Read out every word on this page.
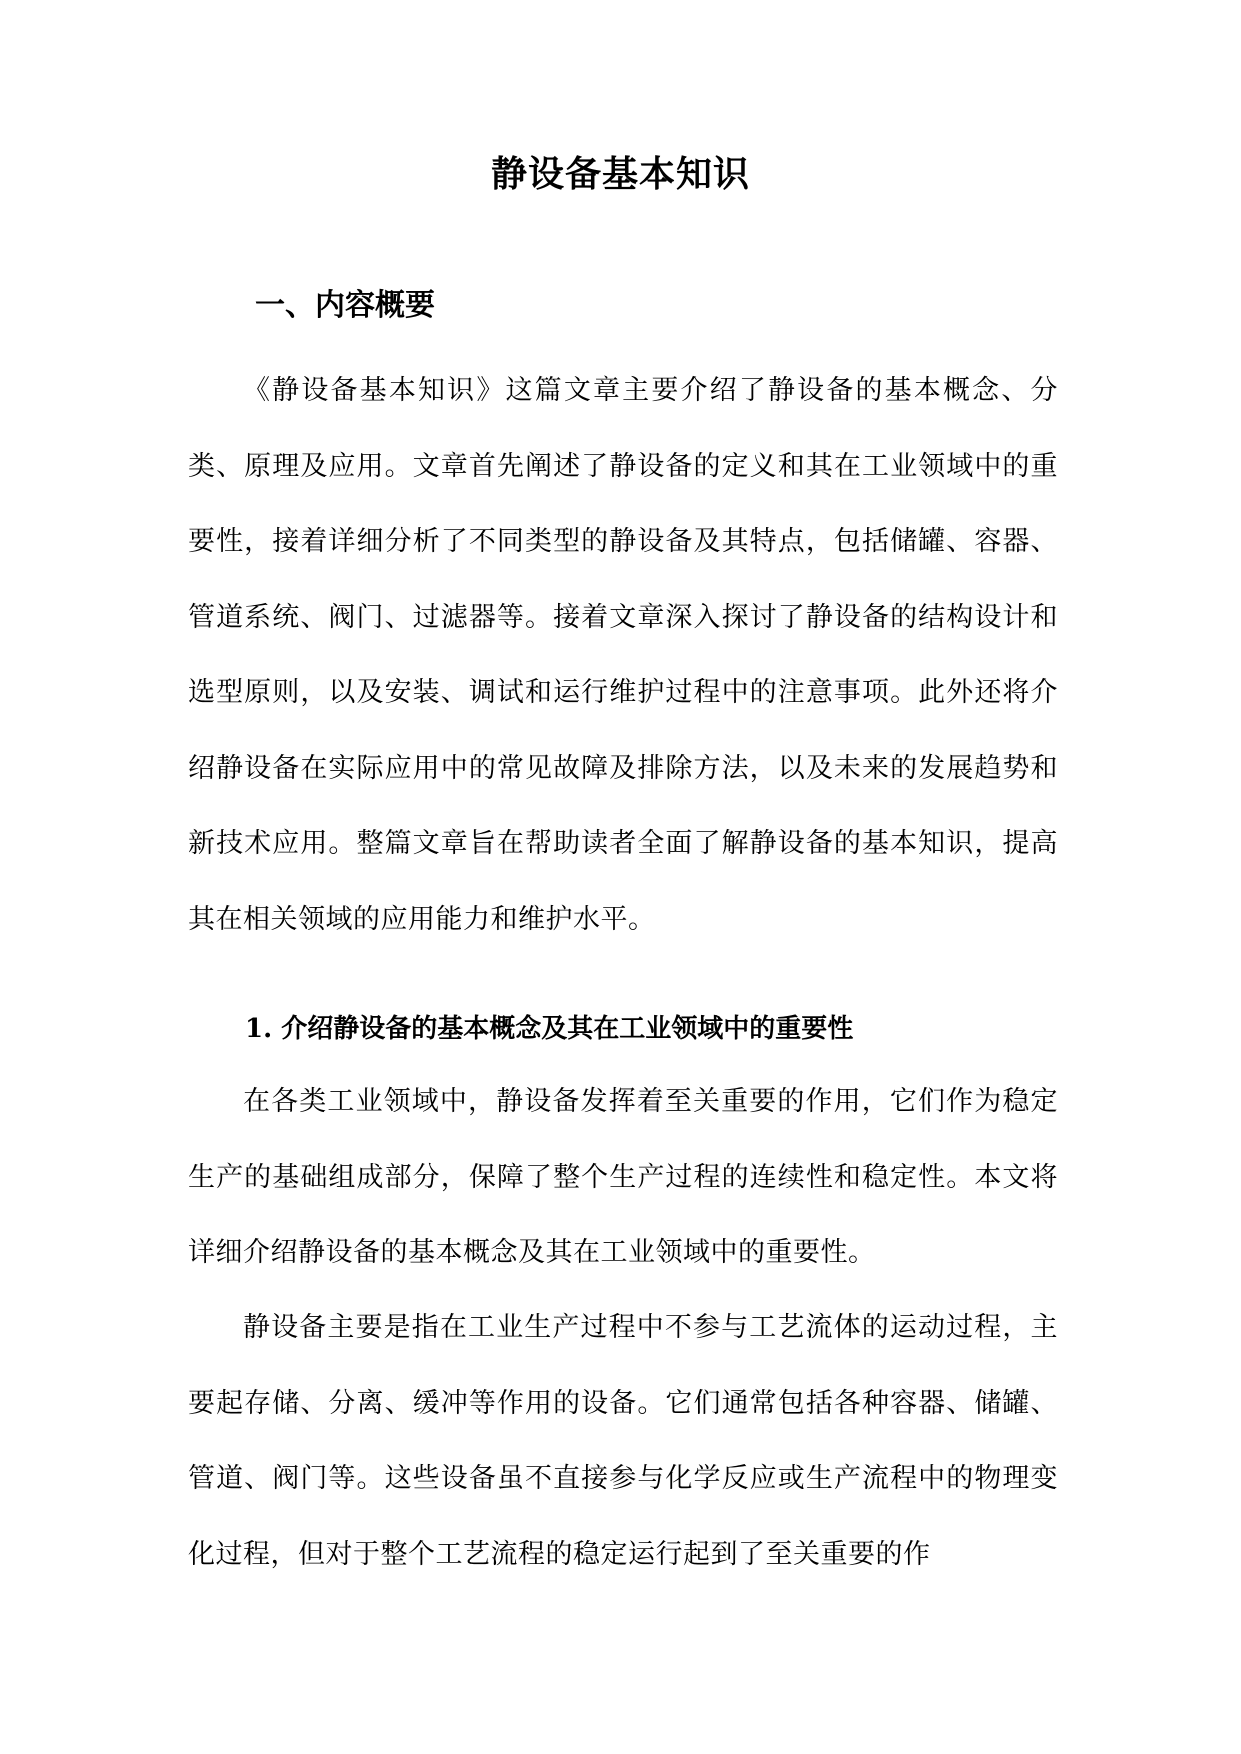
静设备基本知识
一、内容概要

《静设备基本知识》这篇文章主要介绍了静设备的基本概念、分类、原理及应用。文章首先阐述了静设备的定义和其在工业领域中的重要性，接着详细分析了不同类型的静设备及其特点，包括储罐、容器、管道系统、阀门、过滤器等。接着文章深入探讨了静设备的结构设计和选型原则，以及安装、调试和运行维护过程中的注意事项。此外还将介绍静设备在实际应用中的常见故障及排除方法，以及未来的发展趋势和新技术应用。整篇文章旨在帮助读者全面了解静设备的基本知识，提高其在相关领域的应用能力和维护水平。

1. 介绍静设备的基本概念及其在工业领域中的重要性

在各类工业领域中，静设备发挥着至关重要的作用，它们作为稳定生产的基础组成部分，保障了整个生产过程的连续性和稳定性。本文将详细介绍静设备的基本概念及其在工业领域中的重要性。

静设备主要是指在工业生产过程中不参与工艺流体的运动过程，主要起存储、分离、缓冲等作用的设备。它们通常包括各种容器、储罐、管道、阀门等。这些设备虽不直接参与化学反应或生产流程中的物理变化过程，但对于整个工艺流程的稳定运行起到了至关重要的作
